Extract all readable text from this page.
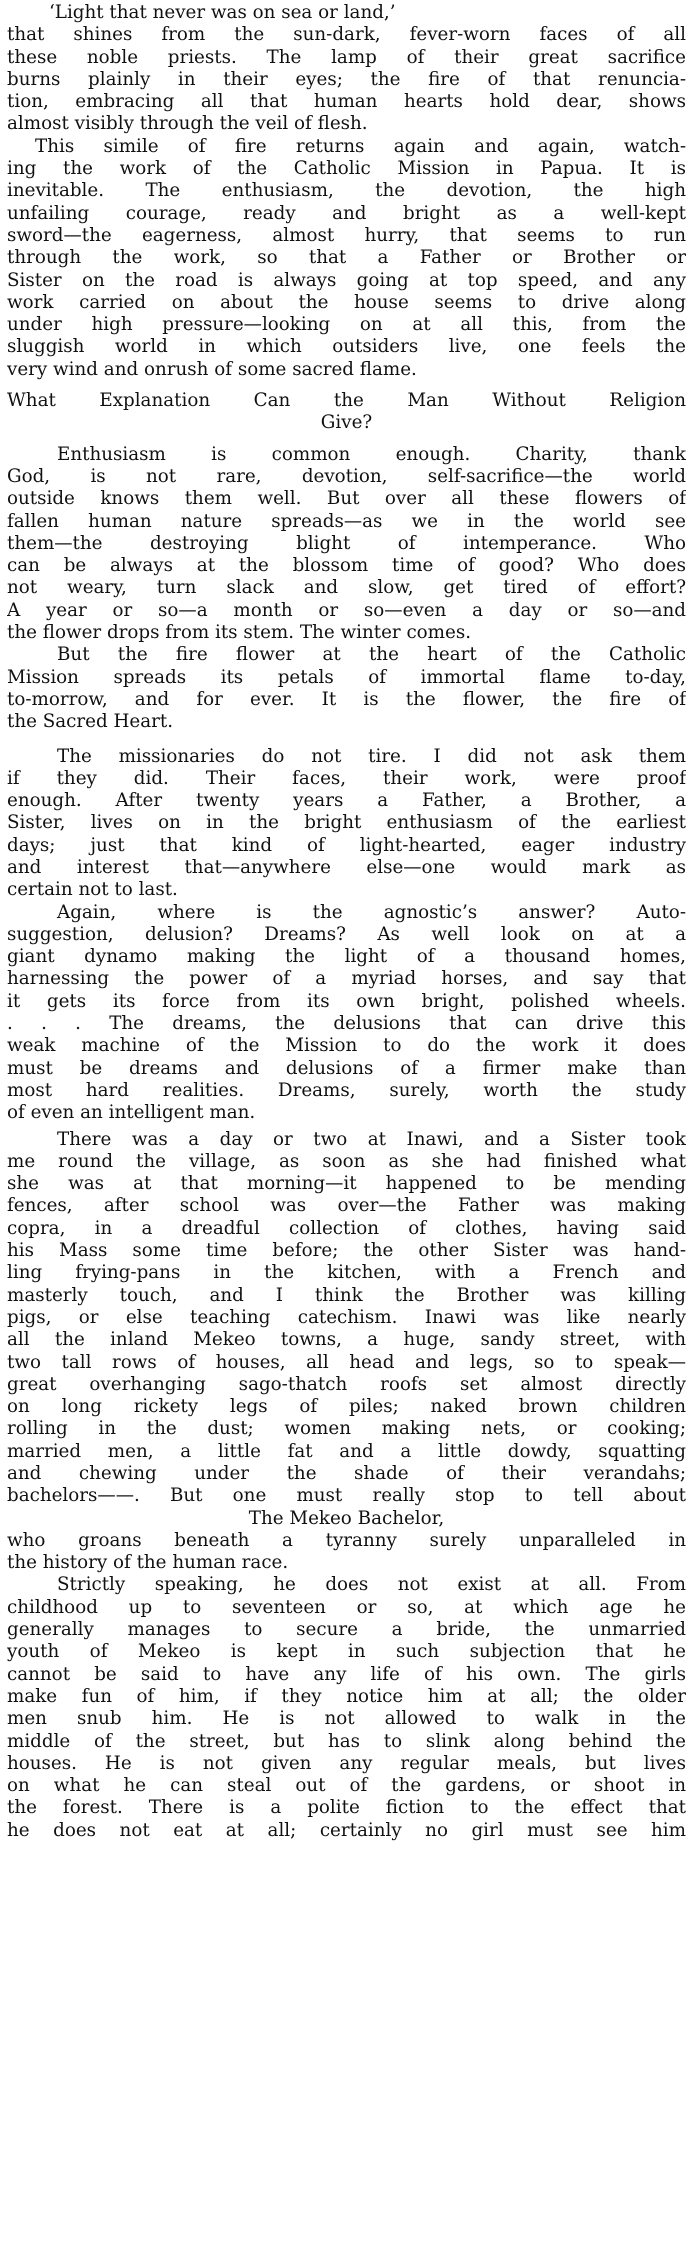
‘Light that never was on sea or land,’
that shines from the sun-dark, fever-worn faces of all
these noble priests. The lamp of their great sacrifice
burns plainly in their eyes; the fire of that renuncia-
tion, embracing all that human hearts hold dear, shows
almost visibly through the veil of flesh.

This simile of fire returns again and again, watch-
ing the work of the Catholic Mission in Papua. It is
inevitable. The enthusiasm, the devotion, the high
unfailing courage, ready and bright as a well-kept
sword—the eagerness, almost hurry, that seems to run
through the work, so that a Father or Brother or
Sister on the road is always going at top speed, and any
work carried on about the house seems to drive along
under high pressure—looking on at all this, from the
sluggish world in which outsiders live, one feels the
very wind and onrush of some sacred flame.

What Explanation Can the Man Without Religion
Give?

Enthusiasm is common enough. Charity, thank
God, is not rare, devotion, self-sacrifice—the world
outside knows them well. But over all these flowers of
fallen human nature spreads—as we in the world see
them—the destroying blight of intemperance. Who
can be always at the blossom time of good? Who does
not weary, turn slack and slow, get tired of effort?
A year or so—a month or so—even a day or so—and
the flower drops from its stem. The winter comes.

But the fire flower at the heart of the Catholic
Mission spreads its petals of immortal flame to-day,
to-morrow, and for ever. It is the flower, the fire of
the Sacred Heart.

The missionaries do not tire. I did not ask them
if they did. Their faces, their work, were proof
enough. After twenty years a Father, a Brother, a
Sister, lives on in the bright enthusiasm of the earliest
days; just that kind of light-hearted, eager industry
and interest that—anywhere else—one would mark as
certain not to last.

Again, where is the agnostic’s answer? Auto-
suggestion, delusion? Dreams? As well look on at a
giant dynamo making the light of a thousand homes,
harnessing the power of a myriad horses, and say that
it gets its force from its own bright, polished wheels.
. . . The dreams, the delusions that can drive this
weak machine of the Mission to do the work it does
must be dreams and delusions of a firmer make than
most hard realities. Dreams, surely, worth the study
of even an intelligent man.

There was a day or two at Inawi, and a Sister took
me round the village, as soon as she had finished what
she was at that morning—it happened to be mending
fences, after school was over—the Father was making
copra, in a dreadful collection of clothes, having said
his Mass some time before; the other Sister was hand-
ling frying-pans in the kitchen, with a French and
masterly touch, and I think the Brother was killing
pigs, or else teaching catechism. Inawi was like nearly
all the inland Mekeo towns, a huge, sandy street, with
two tall rows of houses, all head and legs, so to speak—
great overhanging sago-thatch roofs set almost directly
on long rickety legs of piles; naked brown children
rolling in the dust; women making nets, or cooking;
married men, a little fat and a little dowdy, squatting
and chewing under the shade of their verandahs;
bachelors——. But one must really stop to tell about

The Mekeo Bachelor,

who groans beneath a tyranny surely unparalleled in
the history of the human race.

Strictly speaking, he does not exist at all. From
childhood up to seventeen or so, at which age he
generally manages to secure a bride, the unmarried
youth of Mekeo is kept in such subjection that he
cannot be said to have any life of his own. The girls
make fun of him, if they notice him at all; the older
men snub him. He is not allowed to walk in the
middle of the street, but has to slink along behind the
houses. He is not given any regular meals, but lives
on what he can steal out of the gardens, or shoot in
the forest. There is a polite fiction to the effect that
he does not eat at all; certainly no girl must see him
